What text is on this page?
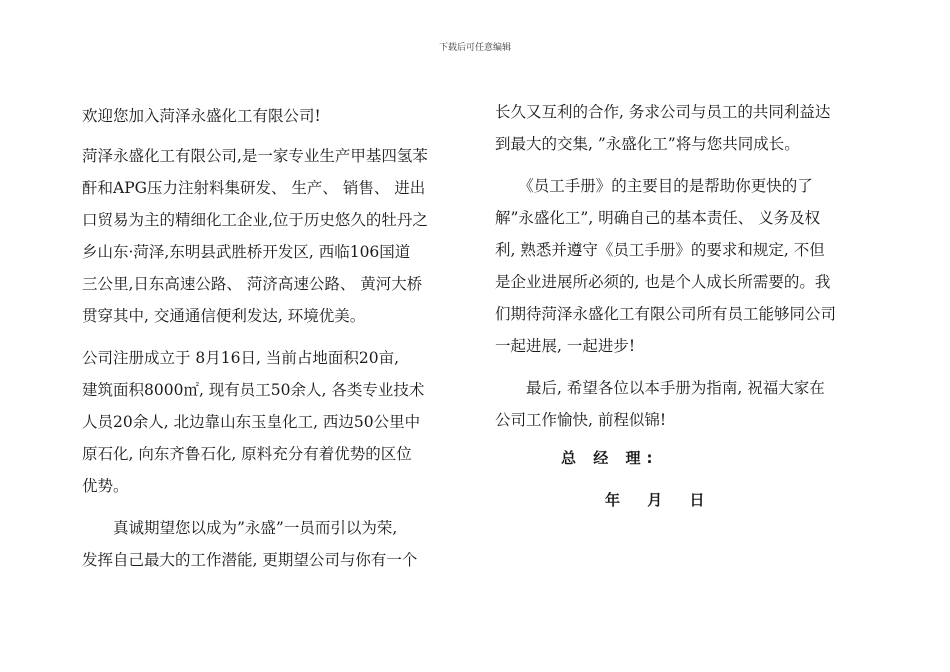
下载后可任意编辑

欢迎您加入菏泽永盛化工有限公司!

菏泽永盛化工有限公司,是一家专业生产甲基四氢苯

酐和APG压力注射料集研发、 生产、 销售、 进出

口贸易为主的精细化工企业,位于历史悠久的牡丹之

乡山东·菏泽,东明县武胜桥开发区, 西临106国道

三公里,日东高速公路、 菏济高速公路、 黄河大桥

贯穿其中, 交通通信便利发达, 环境优美。

公司注册成立于 8月16日, 当前占地面积20亩,

建筑面积8000㎡, 现有员工50余人, 各类专业技术

人员20余人, 北边靠山东玉皇化工, 西边50公里中

原石化, 向东齐鲁石化, 原料充分有着优势的区位

优势。

　　真诚期望您以成为”永盛”一员而引以为荣,

发挥自己最大的工作潜能, 更期望公司与你有一个

长久又互利的合作, 务求公司与员工的共同利益达

到最大的交集, ”永盛化工”将与您共同成长。

　　《员工手册》的主要目的是帮助你更快的了

解”永盛化工”, 明确自己的基本责任、 义务及权

利, 熟悉并遵守《员工手册》的要求和规定, 不但

是企业进展所必须的, 也是个人成长所需要的。我

们期待菏泽永盛化工有限公司所有员工能够同公司

一起进展, 一起进步!

　　最后, 希望各位以本手册为指南, 祝福大家在

公司工作愉快, 前程似锦!

总 经 理:

年 月 日
